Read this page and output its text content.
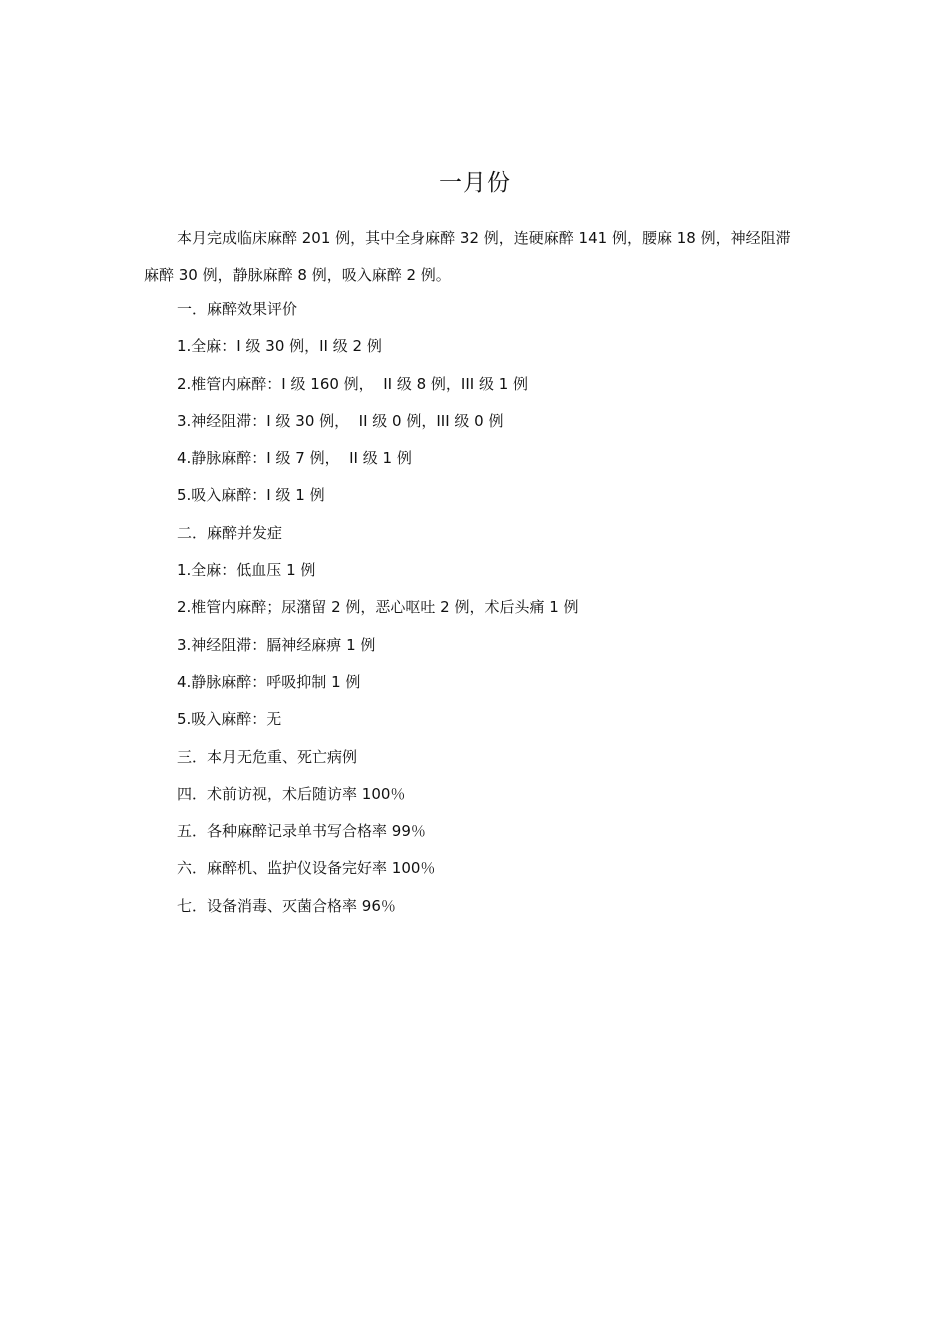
一月份
本月完成临床麻醉 201 例，其中全身麻醉 32 例，连硬麻醉 141 例，腰麻 18 例，神经阻滞麻醉 30 例，静脉麻醉 8 例，吸入麻醉 2 例。
一．麻醉效果评价
1.全麻：I 级 30 例，II 级 2 例
2.椎管内麻醉：I 级 160 例，  II 级 8 例，III 级 1 例
3.神经阻滞：I 级 30 例，  II 级 0 例，III 级 0 例
4.静脉麻醉：I 级 7 例，  II 级 1 例
5.吸入麻醉：I 级 1 例
二．麻醉并发症
1.全麻：低血压 1 例
2.椎管内麻醉；尿潴留 2 例，恶心呕吐 2 例，术后头痛 1 例
3.神经阻滞：膈神经麻痹 1 例
4.静脉麻醉：呼吸抑制 1 例
5.吸入麻醉：无
三．本月无危重、死亡病例
四．术前访视，术后随访率 100％
五．各种麻醉记录单书写合格率 99％
六．麻醉机、监护仪设备完好率 100％
七．设备消毒、灭菌合格率 96％
